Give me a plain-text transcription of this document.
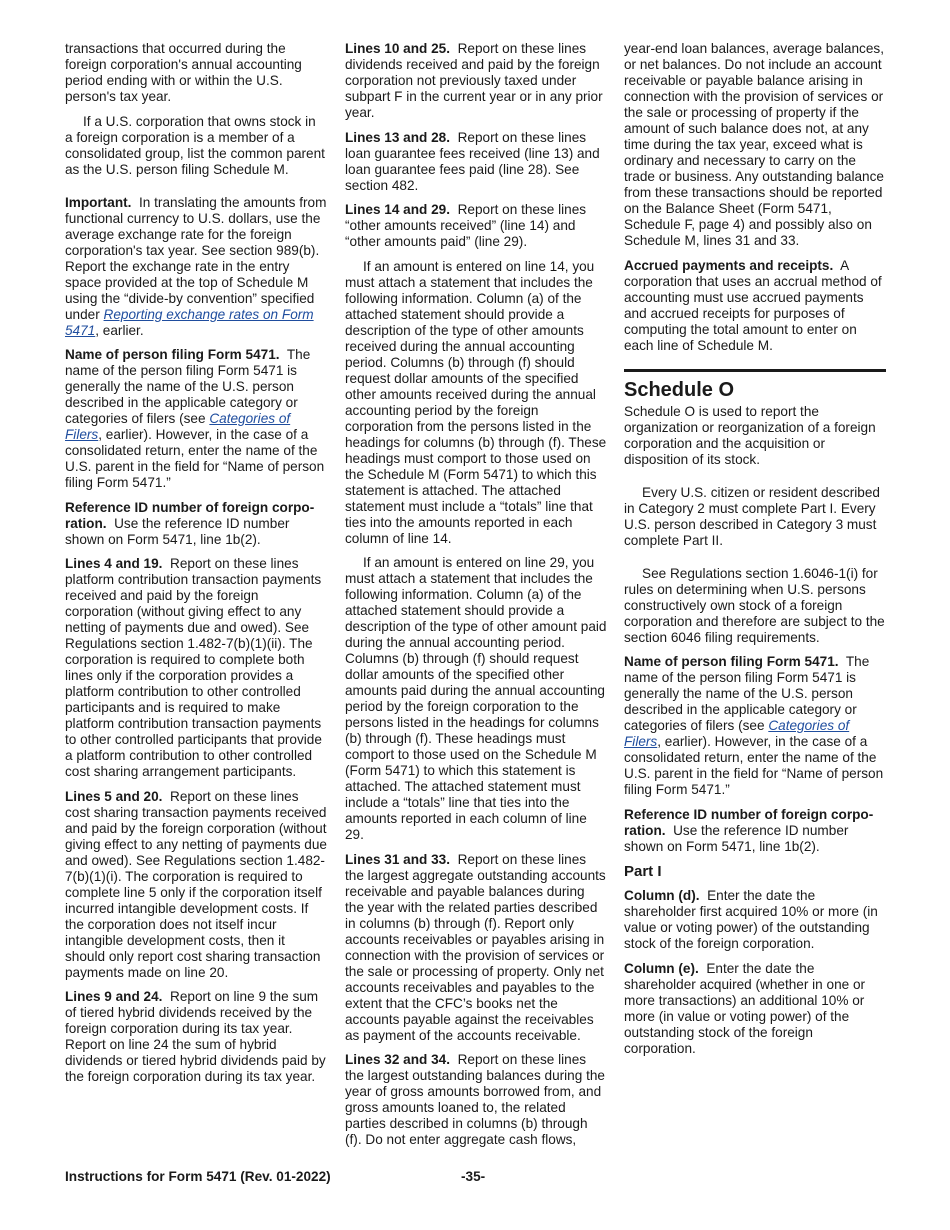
transactions that occurred during the foreign corporation's annual accounting period ending with or within the U.S. person's tax year.

If a U.S. corporation that owns stock in a foreign corporation is a member of a consolidated group, list the common parent as the U.S. person filing Schedule M.

Important. In translating the amounts from functional currency to U.S. dollars, use the average exchange rate for the foreign corporation's tax year. See section 989(b). Report the exchange rate in the entry space provided at the top of Schedule M using the “divide-by convention” specified under Reporting exchange rates on Form 5471, earlier.

Name of person filing Form 5471. The name of the person filing Form 5471 is generally the name of the U.S. person described in the applicable category or categories of filers (see Categories of Filers, earlier). However, in the case of a consolidated return, enter the name of the U.S. parent in the field for “Name of person filing Form 5471.”

Reference ID number of foreign corporation. Use the reference ID number shown on Form 5471, line 1b(2).

Lines 4 and 19. Report on these lines platform contribution transaction payments received and paid by the foreign corporation (without giving effect to any netting of payments due and owed). See Regulations section 1.482-7(b)(1)(ii). The corporation is required to complete both lines only if the corporation provides a platform contribution to other controlled participants and is required to make platform contribution transaction payments to other controlled participants that provide a platform contribution to other controlled cost sharing arrangement participants.

Lines 5 and 20. Report on these lines cost sharing transaction payments received and paid by the foreign corporation (without giving effect to any netting of payments due and owed). See Regulations section 1.482-7(b)(1)(i). The corporation is required to complete line 5 only if the corporation itself incurred intangible development costs. If the corporation does not itself incur intangible development costs, then it should only report cost sharing transaction payments made on line 20.

Lines 9 and 24. Report on line 9 the sum of tiered hybrid dividends received by the foreign corporation during its tax year. Report on line 24 the sum of hybrid dividends or tiered hybrid dividends paid by the foreign corporation during its tax year.

Lines 10 and 25. Report on these lines dividends received and paid by the foreign corporation not previously taxed under subpart F in the current year or in any prior year.

Lines 13 and 28. Report on these lines loan guarantee fees received (line 13) and loan guarantee fees paid (line 28). See section 482.

Lines 14 and 29. Report on these lines “other amounts received” (line 14) and “other amounts paid” (line 29).

If an amount is entered on line 14, you must attach a statement that includes the following information. Column (a) of the attached statement should provide a description of the type of other amounts received during the annual accounting period. Columns (b) through (f) should request dollar amounts of the specified other amounts received during the annual accounting period by the foreign corporation from the persons listed in the headings for columns (b) through (f). These headings must comport to those used on the Schedule M (Form 5471) to which this statement is attached. The attached statement must include a “totals” line that ties into the amounts reported in each column of line 14.

If an amount is entered on line 29, you must attach a statement that includes the following information. Column (a) of the attached statement should provide a description of the type of other amount paid during the annual accounting period. Columns (b) through (f) should request dollar amounts of the specified other amounts paid during the annual accounting period by the foreign corporation to the persons listed in the headings for columns (b) through (f). These headings must comport to those used on the Schedule M (Form 5471) to which this statement is attached. The attached statement must include a “totals” line that ties into the amounts reported in each column of line 29.

Lines 31 and 33. Report on these lines the largest aggregate outstanding accounts receivable and payable balances during the year with the related parties described in columns (b) through (f). Report only accounts receivables or payables arising in connection with the provision of services or the sale or processing of property. Only net accounts receivables and payables to the extent that the CFC’s books net the accounts payable against the receivables as payment of the accounts receivable.

Lines 32 and 34. Report on these lines the largest outstanding balances during the year of gross amounts borrowed from, and gross amounts loaned to, the related parties described in columns (b) through (f). Do not enter aggregate cash flows,

year-end loan balances, average balances, or net balances. Do not include an account receivable or payable balance arising in connection with the provision of services or the sale or processing of property if the amount of such balance does not, at any time during the tax year, exceed what is ordinary and necessary to carry on the trade or business. Any outstanding balance from these transactions should be reported on the Balance Sheet (Form 5471, Schedule F, page 4) and possibly also on Schedule M, lines 31 and 33.

Accrued payments and receipts. A corporation that uses an accrual method of accounting must use accrued payments and accrued receipts for purposes of computing the total amount to enter on each line of Schedule M.

Schedule O

Schedule O is used to report the organization or reorganization of a foreign corporation and the acquisition or disposition of its stock.

Every U.S. citizen or resident described in Category 2 must complete Part I. Every U.S. person described in Category 3 must complete Part II.

See Regulations section 1.6046-1(i) for rules on determining when U.S. persons constructively own stock of a foreign corporation and therefore are subject to the section 6046 filing requirements.

Name of person filing Form 5471. The name of the person filing Form 5471 is generally the name of the U.S. person described in the applicable category or categories of filers (see Categories of Filers, earlier). However, in the case of a consolidated return, enter the name of the U.S. parent in the field for “Name of person filing Form 5471.”

Reference ID number of foreign corporation. Use the reference ID number shown on Form 5471, line 1b(2).

Part I

Column (d). Enter the date the shareholder first acquired 10% or more (in value or voting power) of the outstanding stock of the foreign corporation.

Column (e). Enter the date the shareholder acquired (whether in one or more transactions) an additional 10% or more (in value or voting power) of the outstanding stock of the foreign corporation.

Instructions for Form 5471 (Rev. 01-2022)	-35-
